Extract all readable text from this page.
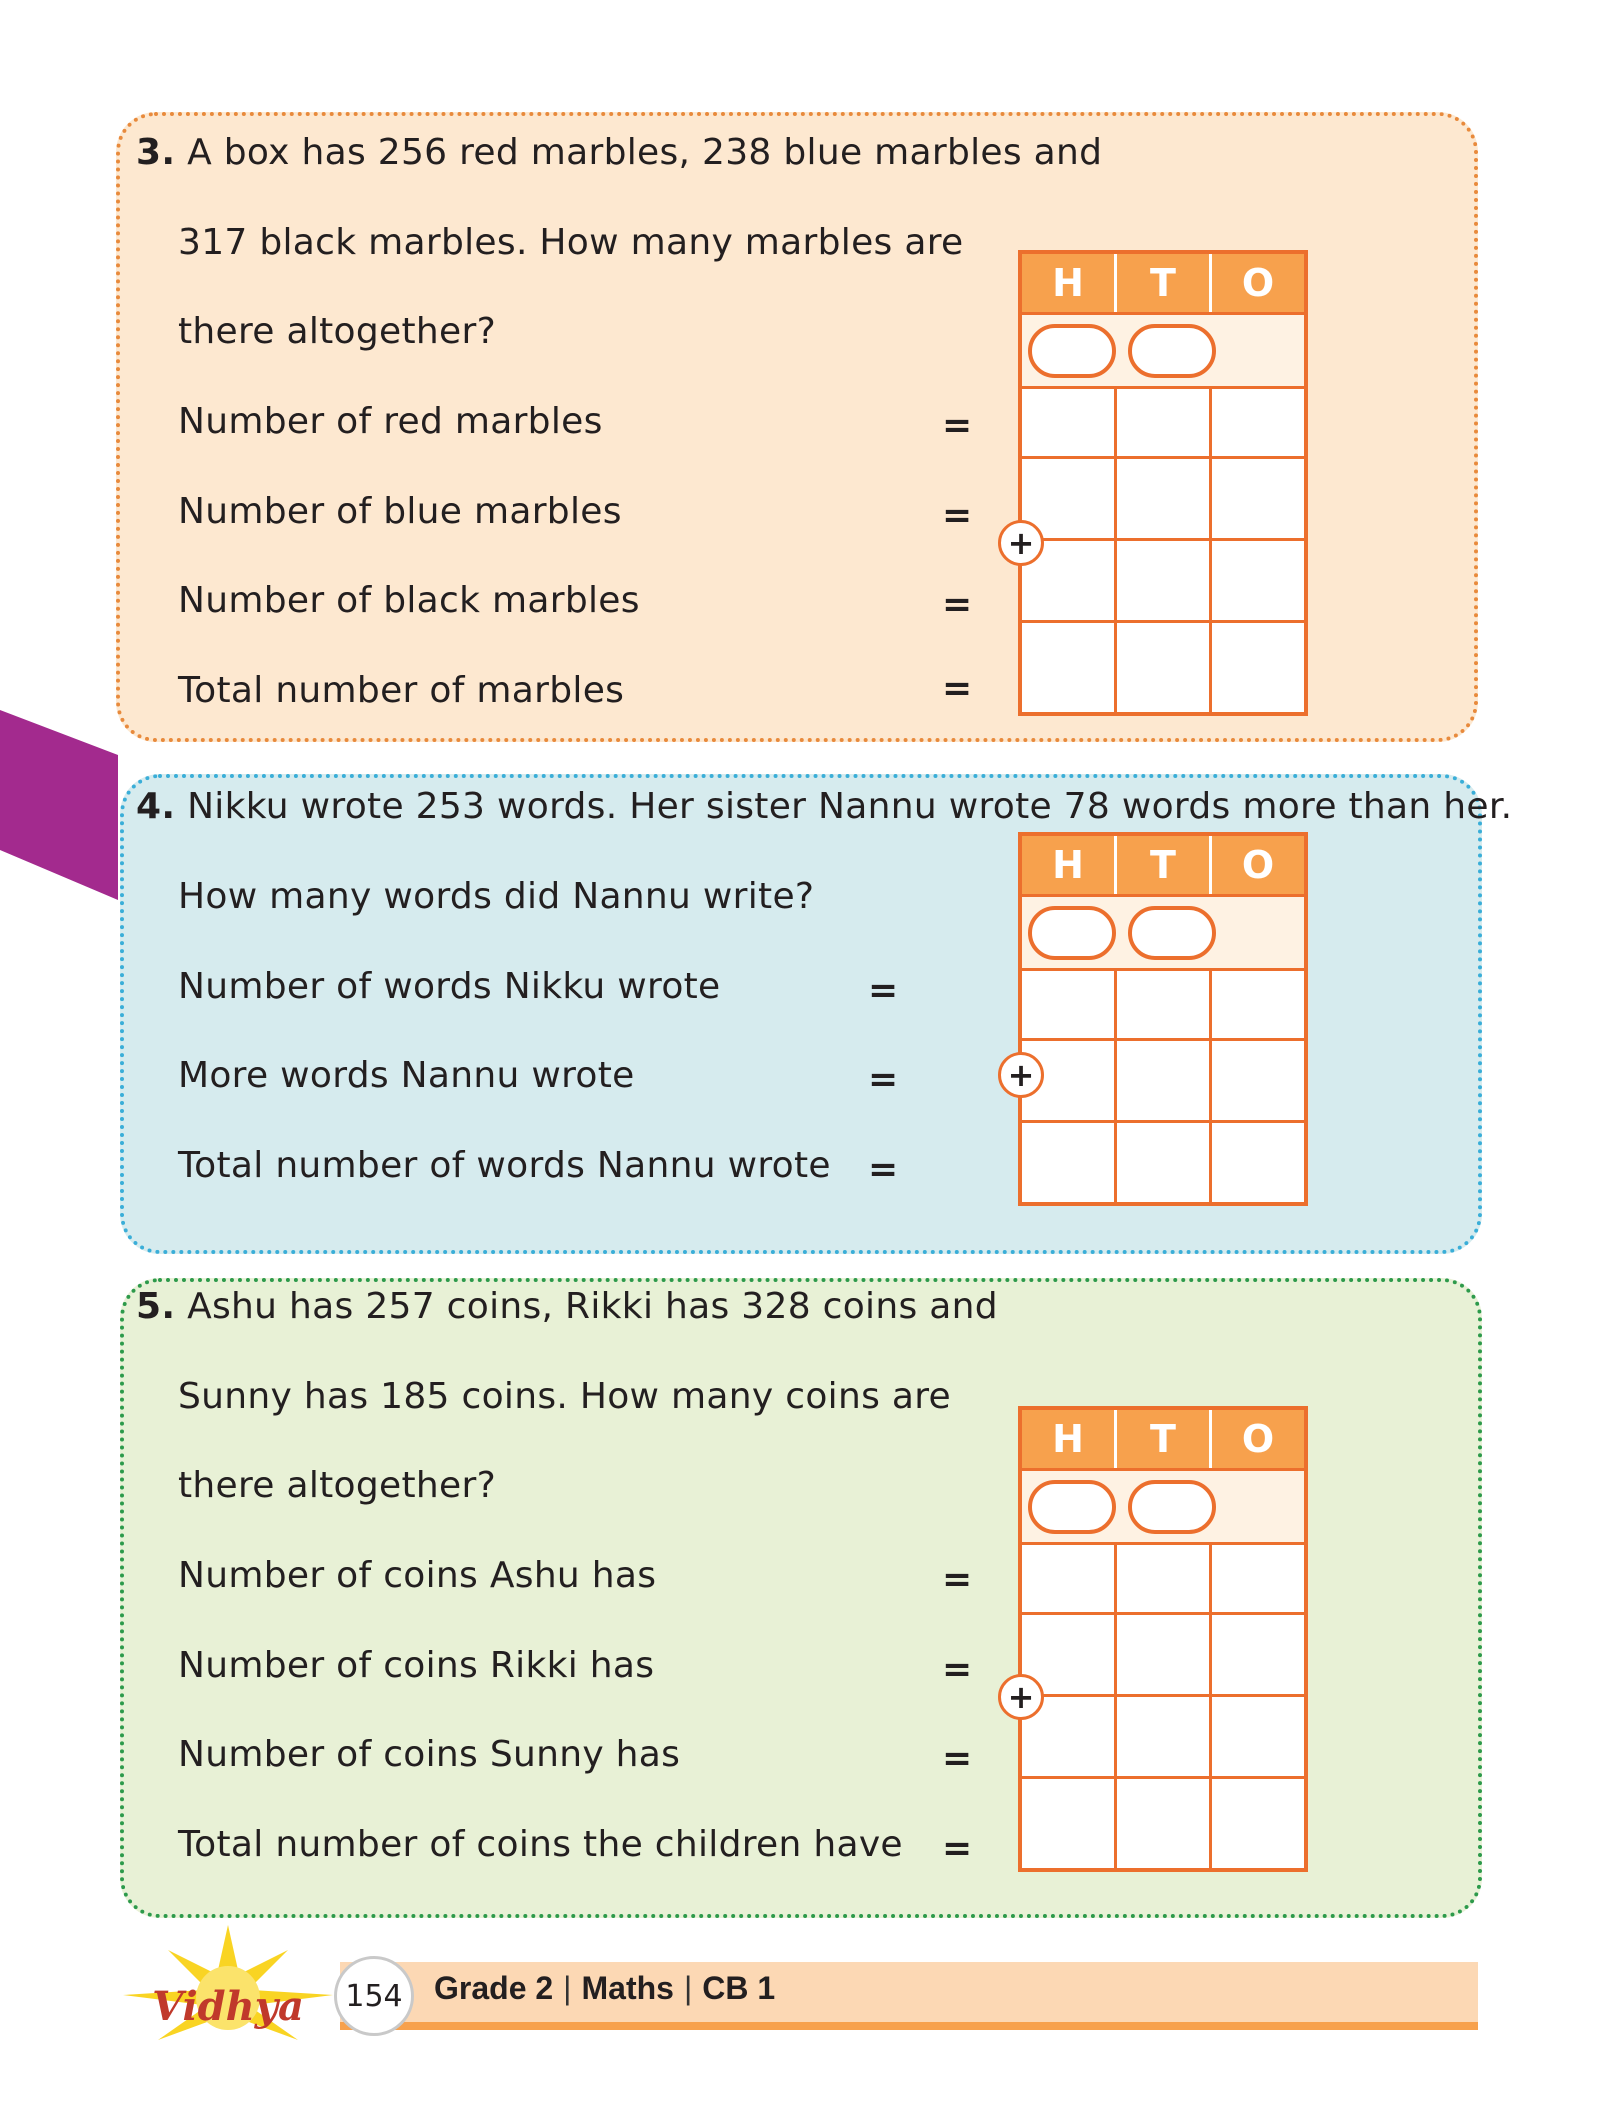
3. A box has 256 red marbles, 238 blue marbles and
317 black marbles. How many marbles are
there altogether?
Number of red marbles
Number of blue marbles
Number of black marbles
Total number of marbles
=
=
=
=
H	T	O
+
4. Nikku wrote 253 words. Her sister Nannu wrote 78 words more than her.
How many words did Nannu write?
Number of words Nikku wrote
More words Nannu wrote
Total number of words Nannu wrote
=
=
=
H	T	O
+
5. Ashu has 257 coins, Rikki has 328 coins and
Sunny has 185 coins. How many coins are
there altogether?
Number of coins Ashu has
Number of coins Rikki has
Number of coins Sunny has
Total number of coins the children have
=
=
=
=
H	T	O
+
Vidhya	154 Grade 2 | Maths | CB 1
